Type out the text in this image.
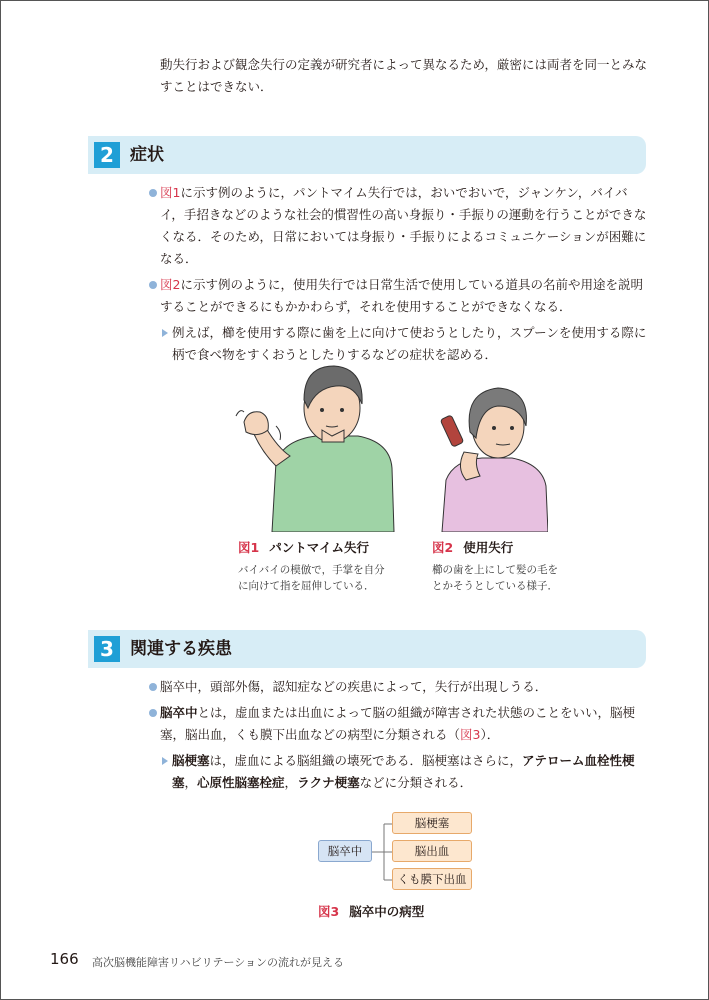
動失行および観念失行の定義が研究者によって異なるため，厳密には両者を同一とみなすことはできない．
2 症状
図1に示す例のように，パントマイム失行では，おいでおいで，ジャンケン，バイバイ，手招きなどのような社会的慣習性の高い身振り・手振りの運動を行うことができなくなる．そのため，日常においては身振り・手振りによるコミュニケーションが困難になる．
図2に示す例のように，使用失行では日常生活で使用している道具の名前や用途を説明することができるにもかかわらず，それを使用することができなくなる．
例えば，櫛を使用する際に歯を上に向けて使おうとしたり，スプーンを使用する際に柄で食べ物をすくおうとしたりするなどの症状を認める．
図1 パントマイム失行
バイバイの模倣で，手掌を自分
に向けて指を屈伸している．
図2 使用失行
櫛の歯を上にして髪の毛を
とかそうとしている様子．
3 関連する疾患
脳卒中，頭部外傷，認知症などの疾患によって，失行が出現しうる．
脳卒中とは，虚血または出血によって脳の組織が障害された状態のことをいい，脳梗塞，脳出血，くも膜下出血などの病型に分類される（図3）．
脳梗塞は，虚血による脳組織の壊死である．脳梗塞はさらに，アテローム血栓性梗塞，心原性脳塞栓症，ラクナ梗塞などに分類される．
脳卒中
脳梗塞
脳出血
くも膜下出血
図3 脳卒中の病型
166 高次脳機能障害リハビリテーションの流れが見える
